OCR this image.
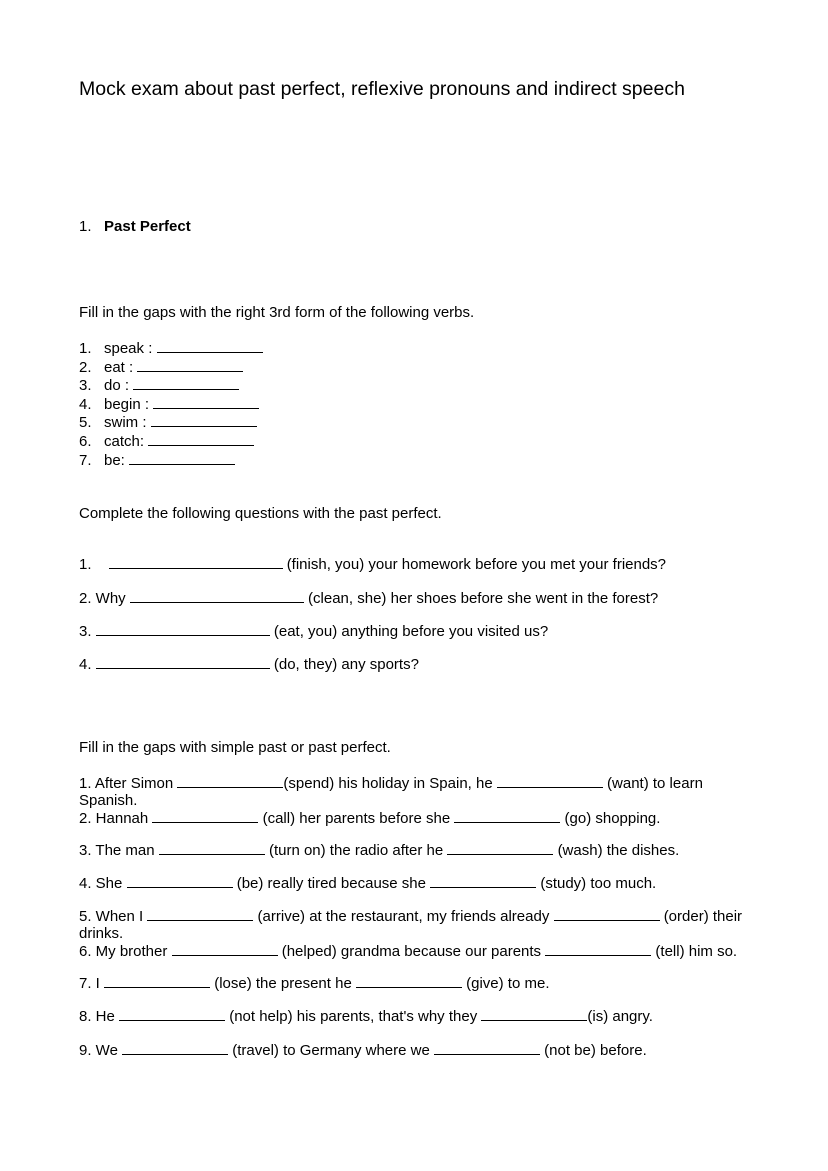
Mock exam about past perfect, reflexive pronouns and indirect speech
1. Past Perfect
Fill in the gaps with the right 3rd form of the following verbs.
1. speak :
2. eat :
3. do :
4. begin :
5. swim :
6. catch:
7. be:
Complete the following questions with the past perfect.
1.	(finish, you) your homework before you met your friends?
2. Why	(clean, she) her shoes before she went in the forest?
3.	(eat, you) anything before you visited us?
4.	(do, they) any sports?
Fill in the gaps with simple past or past perfect.
1. After Simon	(spend) his holiday in Spain, he	(want) to learn
Spanish.
2. Hannah	(call) her parents before she	(go) shopping.
3. The man	(turn on) the radio after he	(wash) the dishes.
4. She	(be) really tired because she	(study) too much.
5. When I	(arrive) at the restaurant, my friends already	(order) their
drinks.
6. My brother	(helped) grandma because our parents	(tell) him so.
7. I	(lose) the present he	(give) to me.
8. He	(not help) his parents, that's why they	(is) angry.
9. We	(travel) to Germany where we	(not be) before.
